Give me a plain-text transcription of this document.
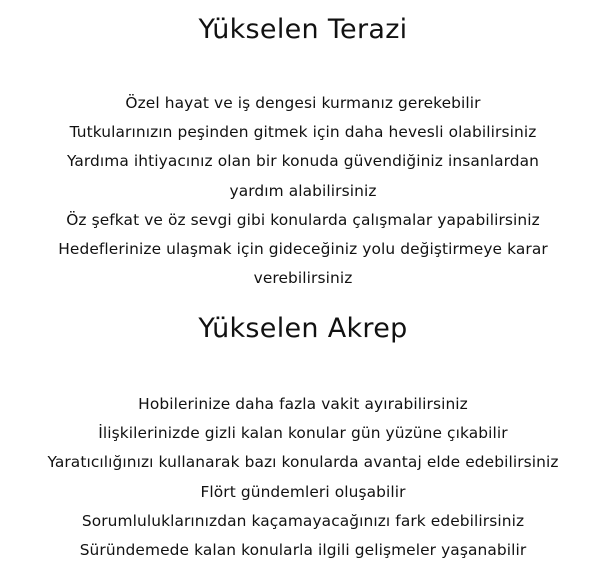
Yükselen Terazi
Özel hayat ve iş dengesi kurmanız gerekebilir
Tutkularınızın peşinden gitmek için daha hevesli olabilirsiniz
Yardıma ihtiyacınız olan bir konuda güvendiğiniz insanlardan
yardım alabilirsiniz
Öz şefkat ve öz sevgi gibi konularda çalışmalar yapabilirsiniz
Hedeflerinize ulaşmak için gideceğiniz yolu değiştirmeye karar
verebilirsiniz
Yükselen Akrep
Hobilerinize daha fazla vakit ayırabilirsiniz
İlişkilerinizde gizli kalan konular gün yüzüne çıkabilir
Yaratıcılığınızı kullanarak bazı konularda avantaj elde edebilirsiniz
Flört gündemleri oluşabilir
Sorumluluklarınızdan kaçamayacağınızı fark edebilirsiniz
Süründemede kalan konularla ilgili gelişmeler yaşanabilir
